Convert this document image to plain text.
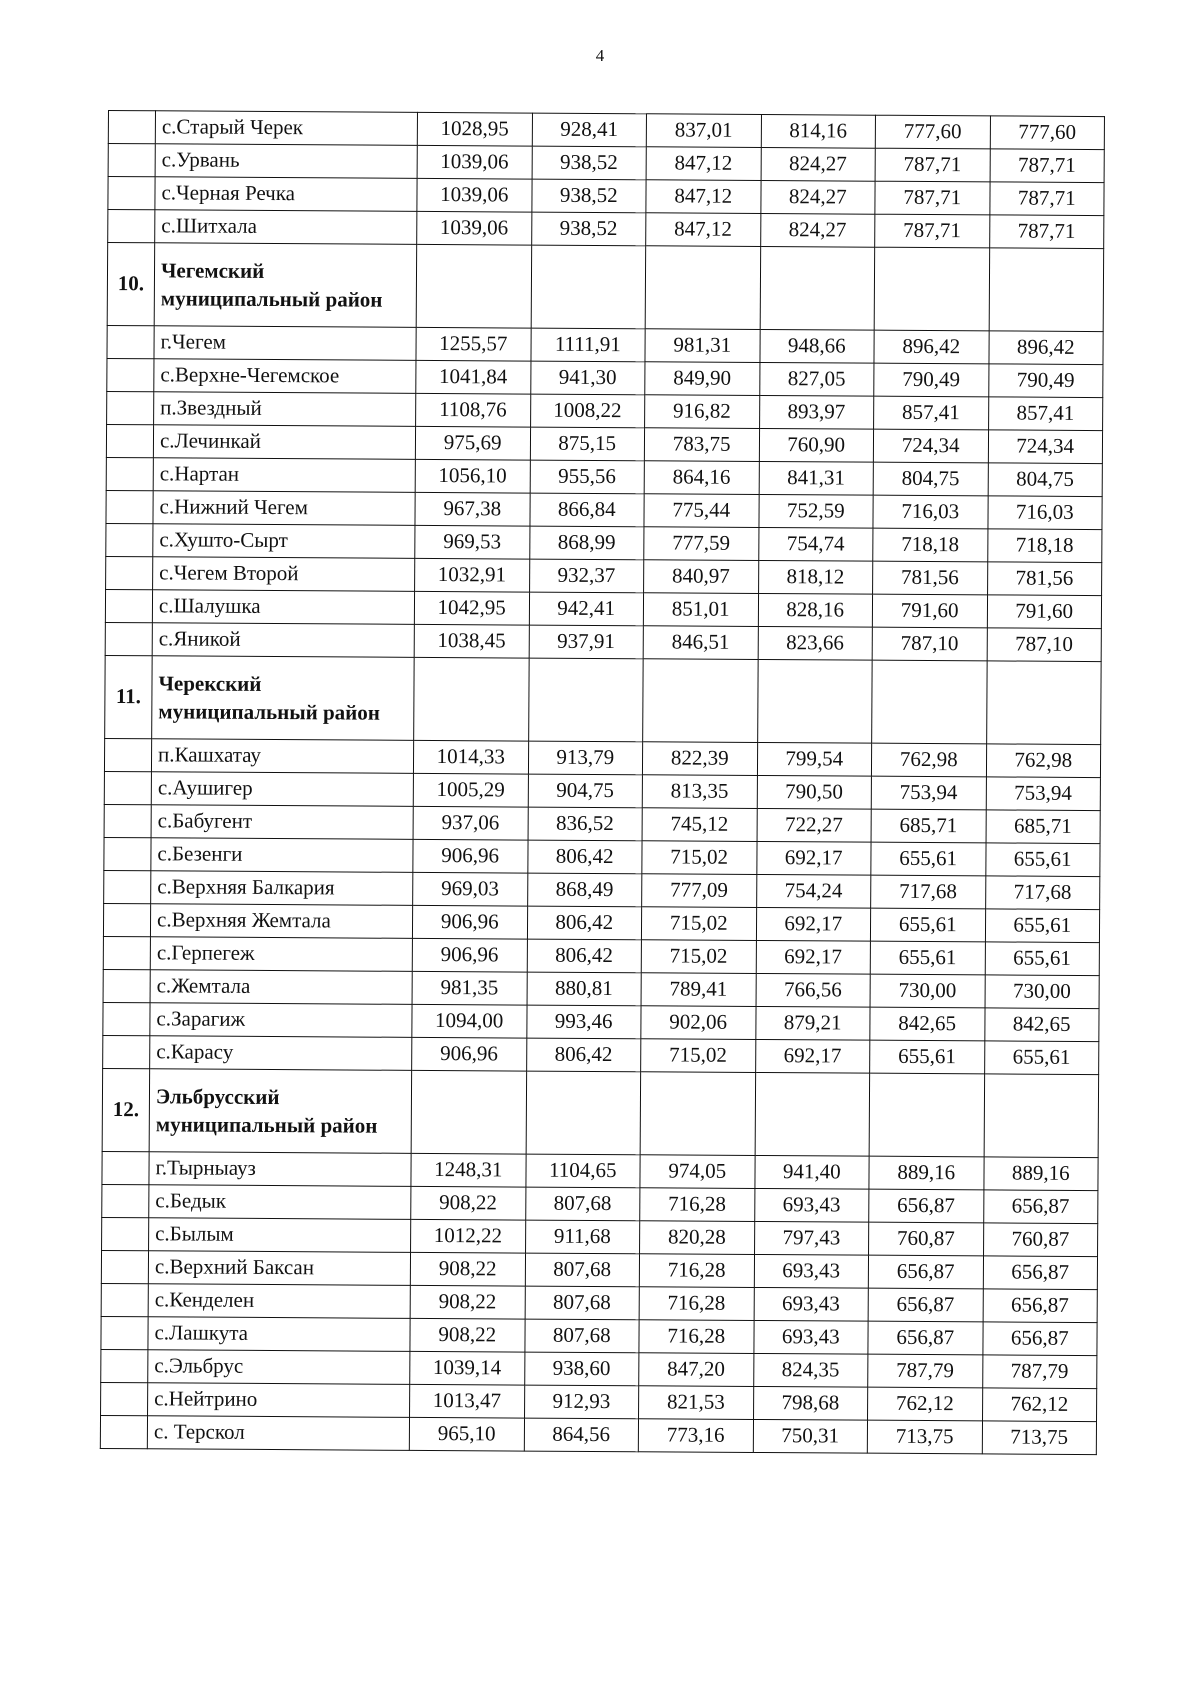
4
	с.Старый Черек	1028,95	928,41	837,01	814,16	777,60	777,60
	с.Урвань	1039,06	938,52	847,12	824,27	787,71	787,71
	с.Черная Речка	1039,06	938,52	847,12	824,27	787,71	787,71
	с.Шитхала	1039,06	938,52	847,12	824,27	787,71	787,71
10.	Чегемский муниципальный район						
	г.Чегем	1255,57	1111,91	981,31	948,66	896,42	896,42
	с.Верхне-Чегемское	1041,84	941,30	849,90	827,05	790,49	790,49
	п.Звездный	1108,76	1008,22	916,82	893,97	857,41	857,41
	с.Лечинкай	975,69	875,15	783,75	760,90	724,34	724,34
	с.Нартан	1056,10	955,56	864,16	841,31	804,75	804,75
	с.Нижний Чегем	967,38	866,84	775,44	752,59	716,03	716,03
	с.Хушто-Сырт	969,53	868,99	777,59	754,74	718,18	718,18
	с.Чегем Второй	1032,91	932,37	840,97	818,12	781,56	781,56
	с.Шалушка	1042,95	942,41	851,01	828,16	791,60	791,60
	с.Яникой	1038,45	937,91	846,51	823,66	787,10	787,10
11.	Черекский муниципальный район						
	п.Кашхатау	1014,33	913,79	822,39	799,54	762,98	762,98
	с.Аушигер	1005,29	904,75	813,35	790,50	753,94	753,94
	с.Бабугент	937,06	836,52	745,12	722,27	685,71	685,71
	с.Безенги	906,96	806,42	715,02	692,17	655,61	655,61
	с.Верхняя Балкария	969,03	868,49	777,09	754,24	717,68	717,68
	с.Верхняя Жемтала	906,96	806,42	715,02	692,17	655,61	655,61
	с.Герпегеж	906,96	806,42	715,02	692,17	655,61	655,61
	с.Жемтала	981,35	880,81	789,41	766,56	730,00	730,00
	с.Зарагиж	1094,00	993,46	902,06	879,21	842,65	842,65
	с.Карасу	906,96	806,42	715,02	692,17	655,61	655,61
12.	Эльбрусский муниципальный район						
	г.Тырныауз	1248,31	1104,65	974,05	941,40	889,16	889,16
	с.Бедык	908,22	807,68	716,28	693,43	656,87	656,87
	с.Былым	1012,22	911,68	820,28	797,43	760,87	760,87
	с.Верхний Баксан	908,22	807,68	716,28	693,43	656,87	656,87
	с.Кенделен	908,22	807,68	716,28	693,43	656,87	656,87
	с.Лашкута	908,22	807,68	716,28	693,43	656,87	656,87
	с.Эльбрус	1039,14	938,60	847,20	824,35	787,79	787,79
	с.Нейтрино	1013,47	912,93	821,53	798,68	762,12	762,12
	с. Терскол	965,10	864,56	773,16	750,31	713,75	713,75
